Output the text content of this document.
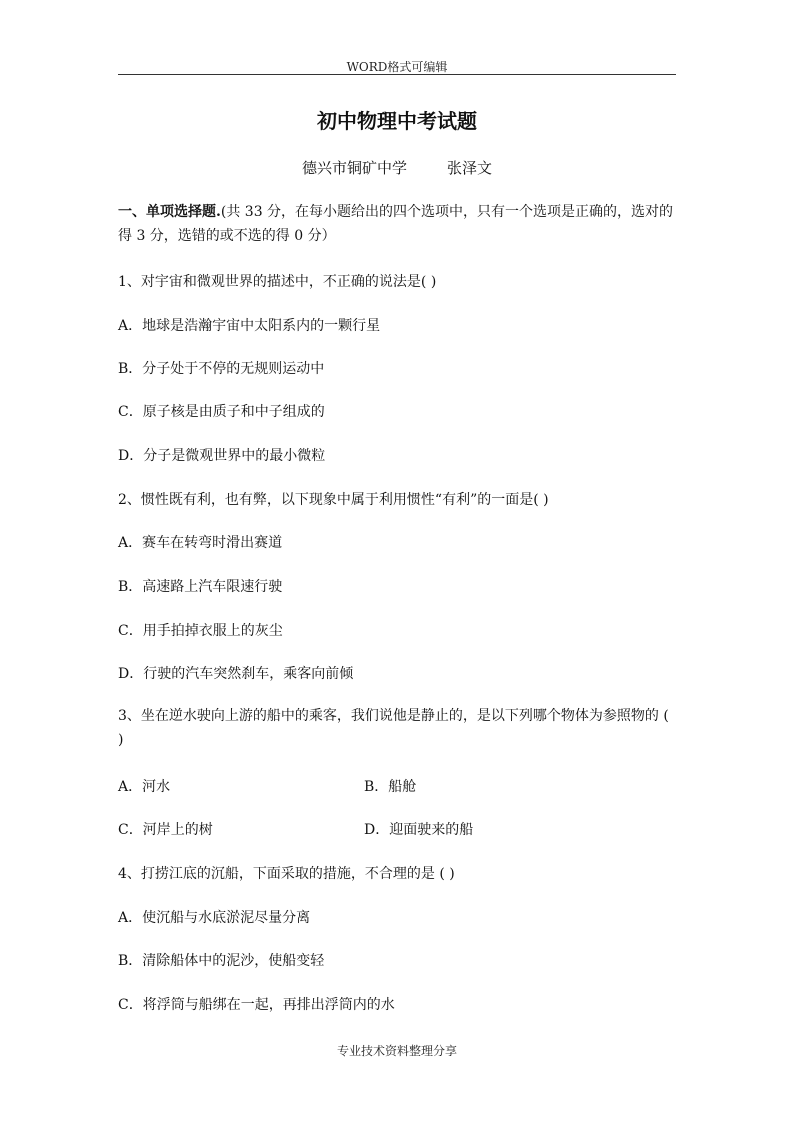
WORD格式可编辑
初中物理中考试题
德兴市铜矿中学	张泽文
一、单项选择题.(共 33 分，在每小题给出的四个选项中，只有一个选项是正确的，选对的得 3 分，选错的或不选的得 0 分）
1、对宇宙和微观世界的描述中，不正确的说法是( )
A．地球是浩瀚宇宙中太阳系内的一颗行星
B．分子处于不停的无规则运动中
C．原子核是由质子和中子组成的
D．分子是微观世界中的最小微粒
2、惯性既有利，也有弊，以下现象中属于利用惯性“有利”的一面是( )
A．赛车在转弯时滑出赛道
B．高速路上汽车限速行驶
C．用手拍掉衣服上的灰尘
D．行驶的汽车突然刹车，乘客向前倾
3、坐在逆水驶向上游的船中的乘客，我们说他是静止的，是以下列哪个物体为参照物的 ( )
A．河水	B．船舱
C．河岸上的树	D．迎面驶来的船
4、打捞江底的沉船，下面采取的措施，不合理的是 ( )
A．使沉船与水底淤泥尽量分离
B．清除船体中的泥沙，使船变轻
C．将浮筒与船绑在一起，再排出浮筒内的水
专业技术资料整理分享
